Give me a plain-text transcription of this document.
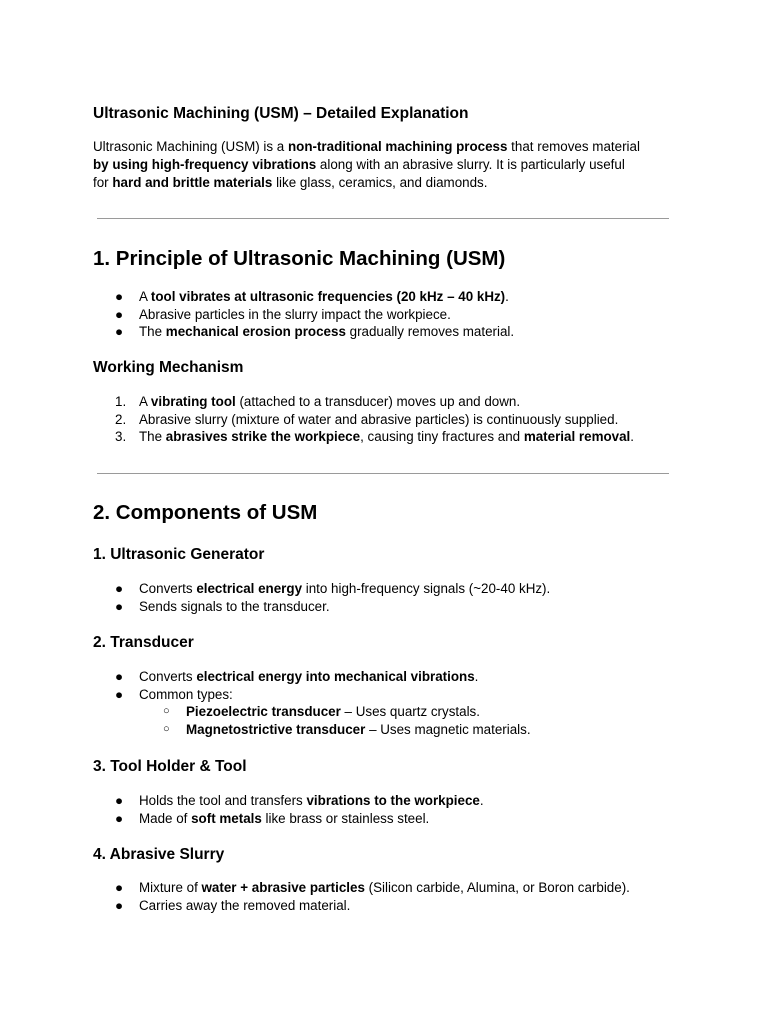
Ultrasonic Machining (USM) – Detailed Explanation
Ultrasonic Machining (USM) is a non-traditional machining process that removes material
by using high-frequency vibrations along with an abrasive slurry. It is particularly useful
for hard and brittle materials like glass, ceramics, and diamonds.
1. Principle of Ultrasonic Machining (USM)
●	A tool vibrates at ultrasonic frequencies (20 kHz – 40 kHz).
●	Abrasive particles in the slurry impact the workpiece.
●	The mechanical erosion process gradually removes material.
Working Mechanism
1. A vibrating tool (attached to a transducer) moves up and down.
2. Abrasive slurry (mixture of water and abrasive particles) is continuously supplied.
3. The abrasives strike the workpiece, causing tiny fractures and material removal.
2. Components of USM
1. Ultrasonic Generator
●	Converts electrical energy into high-frequency signals (~20-40 kHz).
●	Sends signals to the transducer.
2. Transducer
●	Converts electrical energy into mechanical vibrations.
●	Common types:
○	Piezoelectric transducer – Uses quartz crystals.
○	Magnetostrictive transducer – Uses magnetic materials.
3. Tool Holder & Tool
●	Holds the tool and transfers vibrations to the workpiece.
●	Made of soft metals like brass or stainless steel.
4. Abrasive Slurry
●	Mixture of water + abrasive particles (Silicon carbide, Alumina, or Boron carbide).
●	Carries away the removed material.
